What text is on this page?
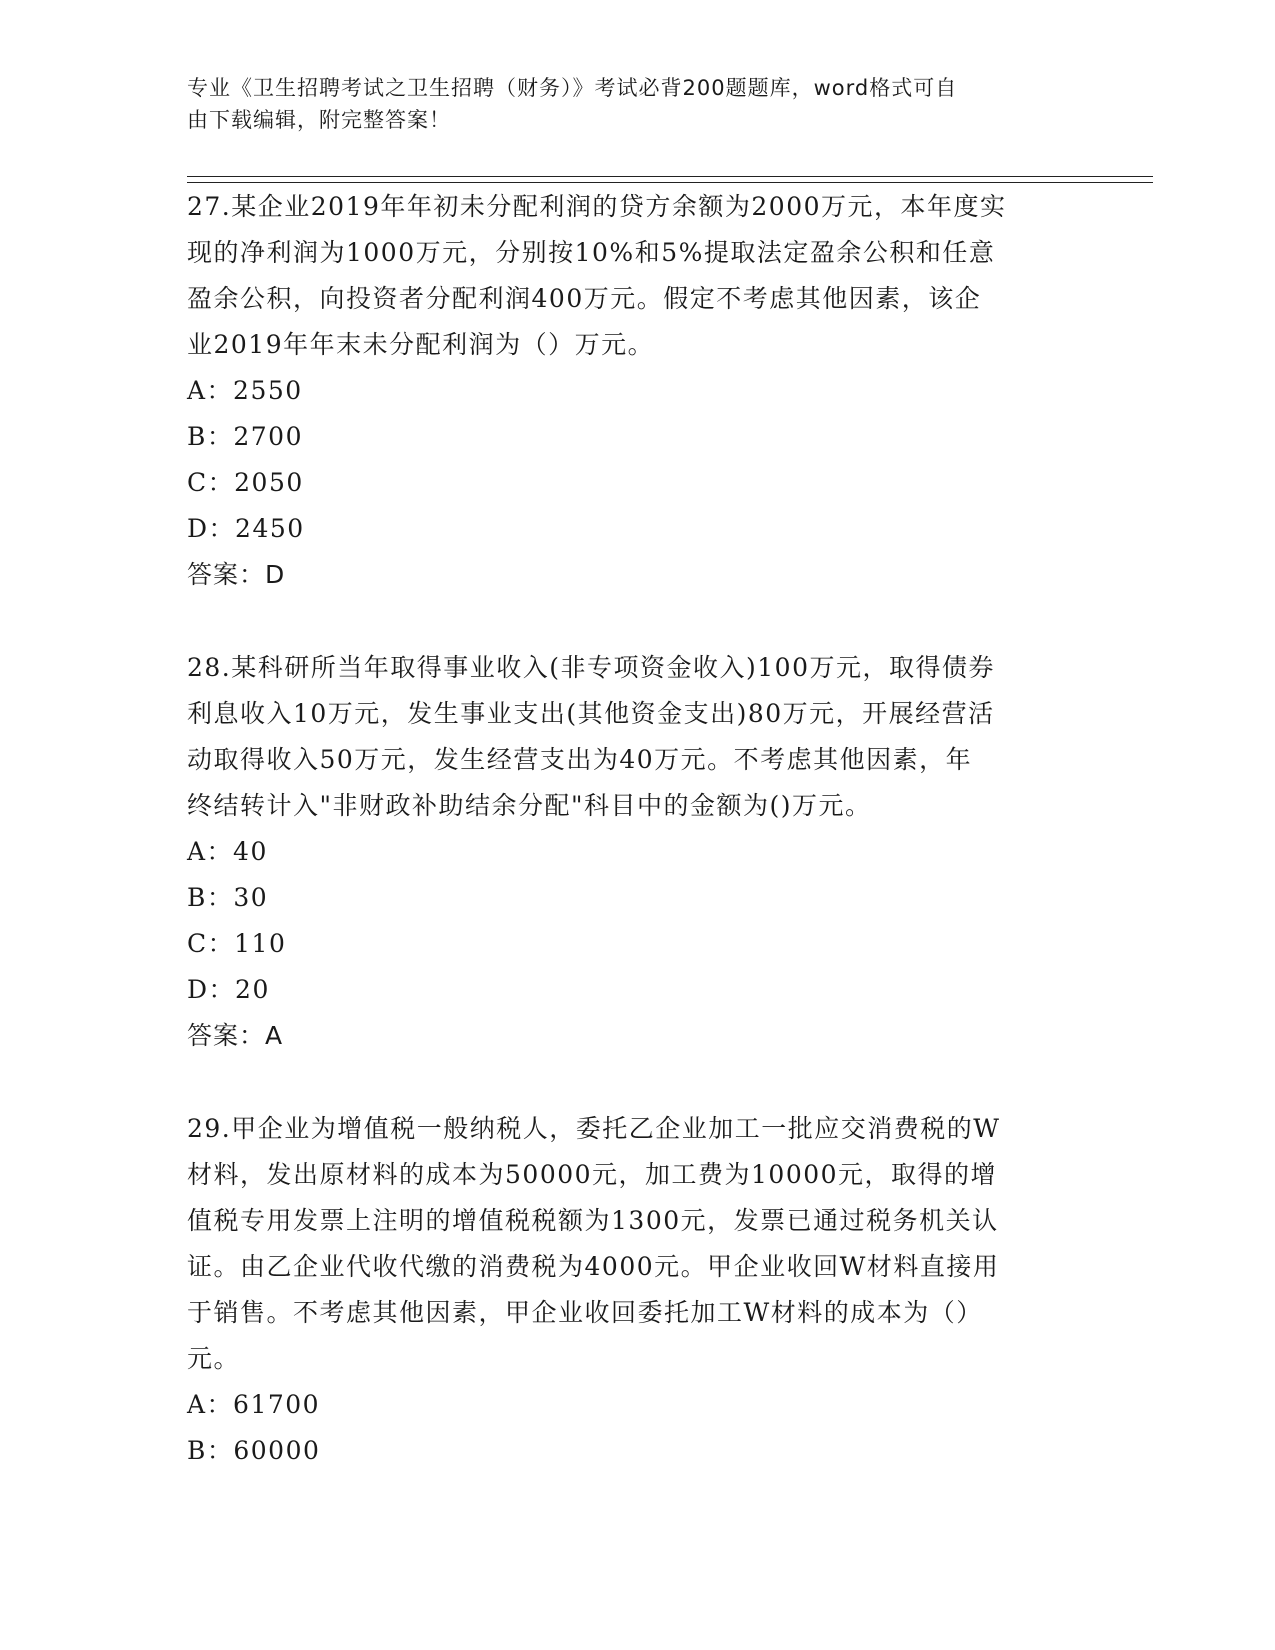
专业《卫生招聘考试之卫生招聘（财务）》考试必背200题题库，word格式可自
由下载编辑，附完整答案！
27.某企业2019年年初未分配利润的贷方余额为2000万元，本年度实
现的净利润为1000万元，分别按10%和5%提取法定盈余公积和任意
盈余公积，向投资者分配利润400万元。假定不考虑其他因素，该企
业2019年年末未分配利润为（）万元。
A：2550
B：2700
C：2050
D：2450
答案：D
28.某科研所当年取得事业收入(非专项资金收入)100万元，取得债券
利息收入10万元，发生事业支出(其他资金支出)80万元，开展经营活
动取得收入50万元，发生经营支出为40万元。不考虑其他因素，年
终结转计入"非财政补助结余分配"科目中的金额为()万元。
A：40
B：30
C：110
D：20
答案：A
29.甲企业为增值税一般纳税人，委托乙企业加工一批应交消费税的W
材料，发出原材料的成本为50000元，加工费为10000元，取得的增
值税专用发票上注明的增值税税额为1300元，发票已通过税务机关认
证。由乙企业代收代缴的消费税为4000元。甲企业收回W材料直接用
于销售。不考虑其他因素，甲企业收回委托加工W材料的成本为（）
元。
A：61700
B：60000
